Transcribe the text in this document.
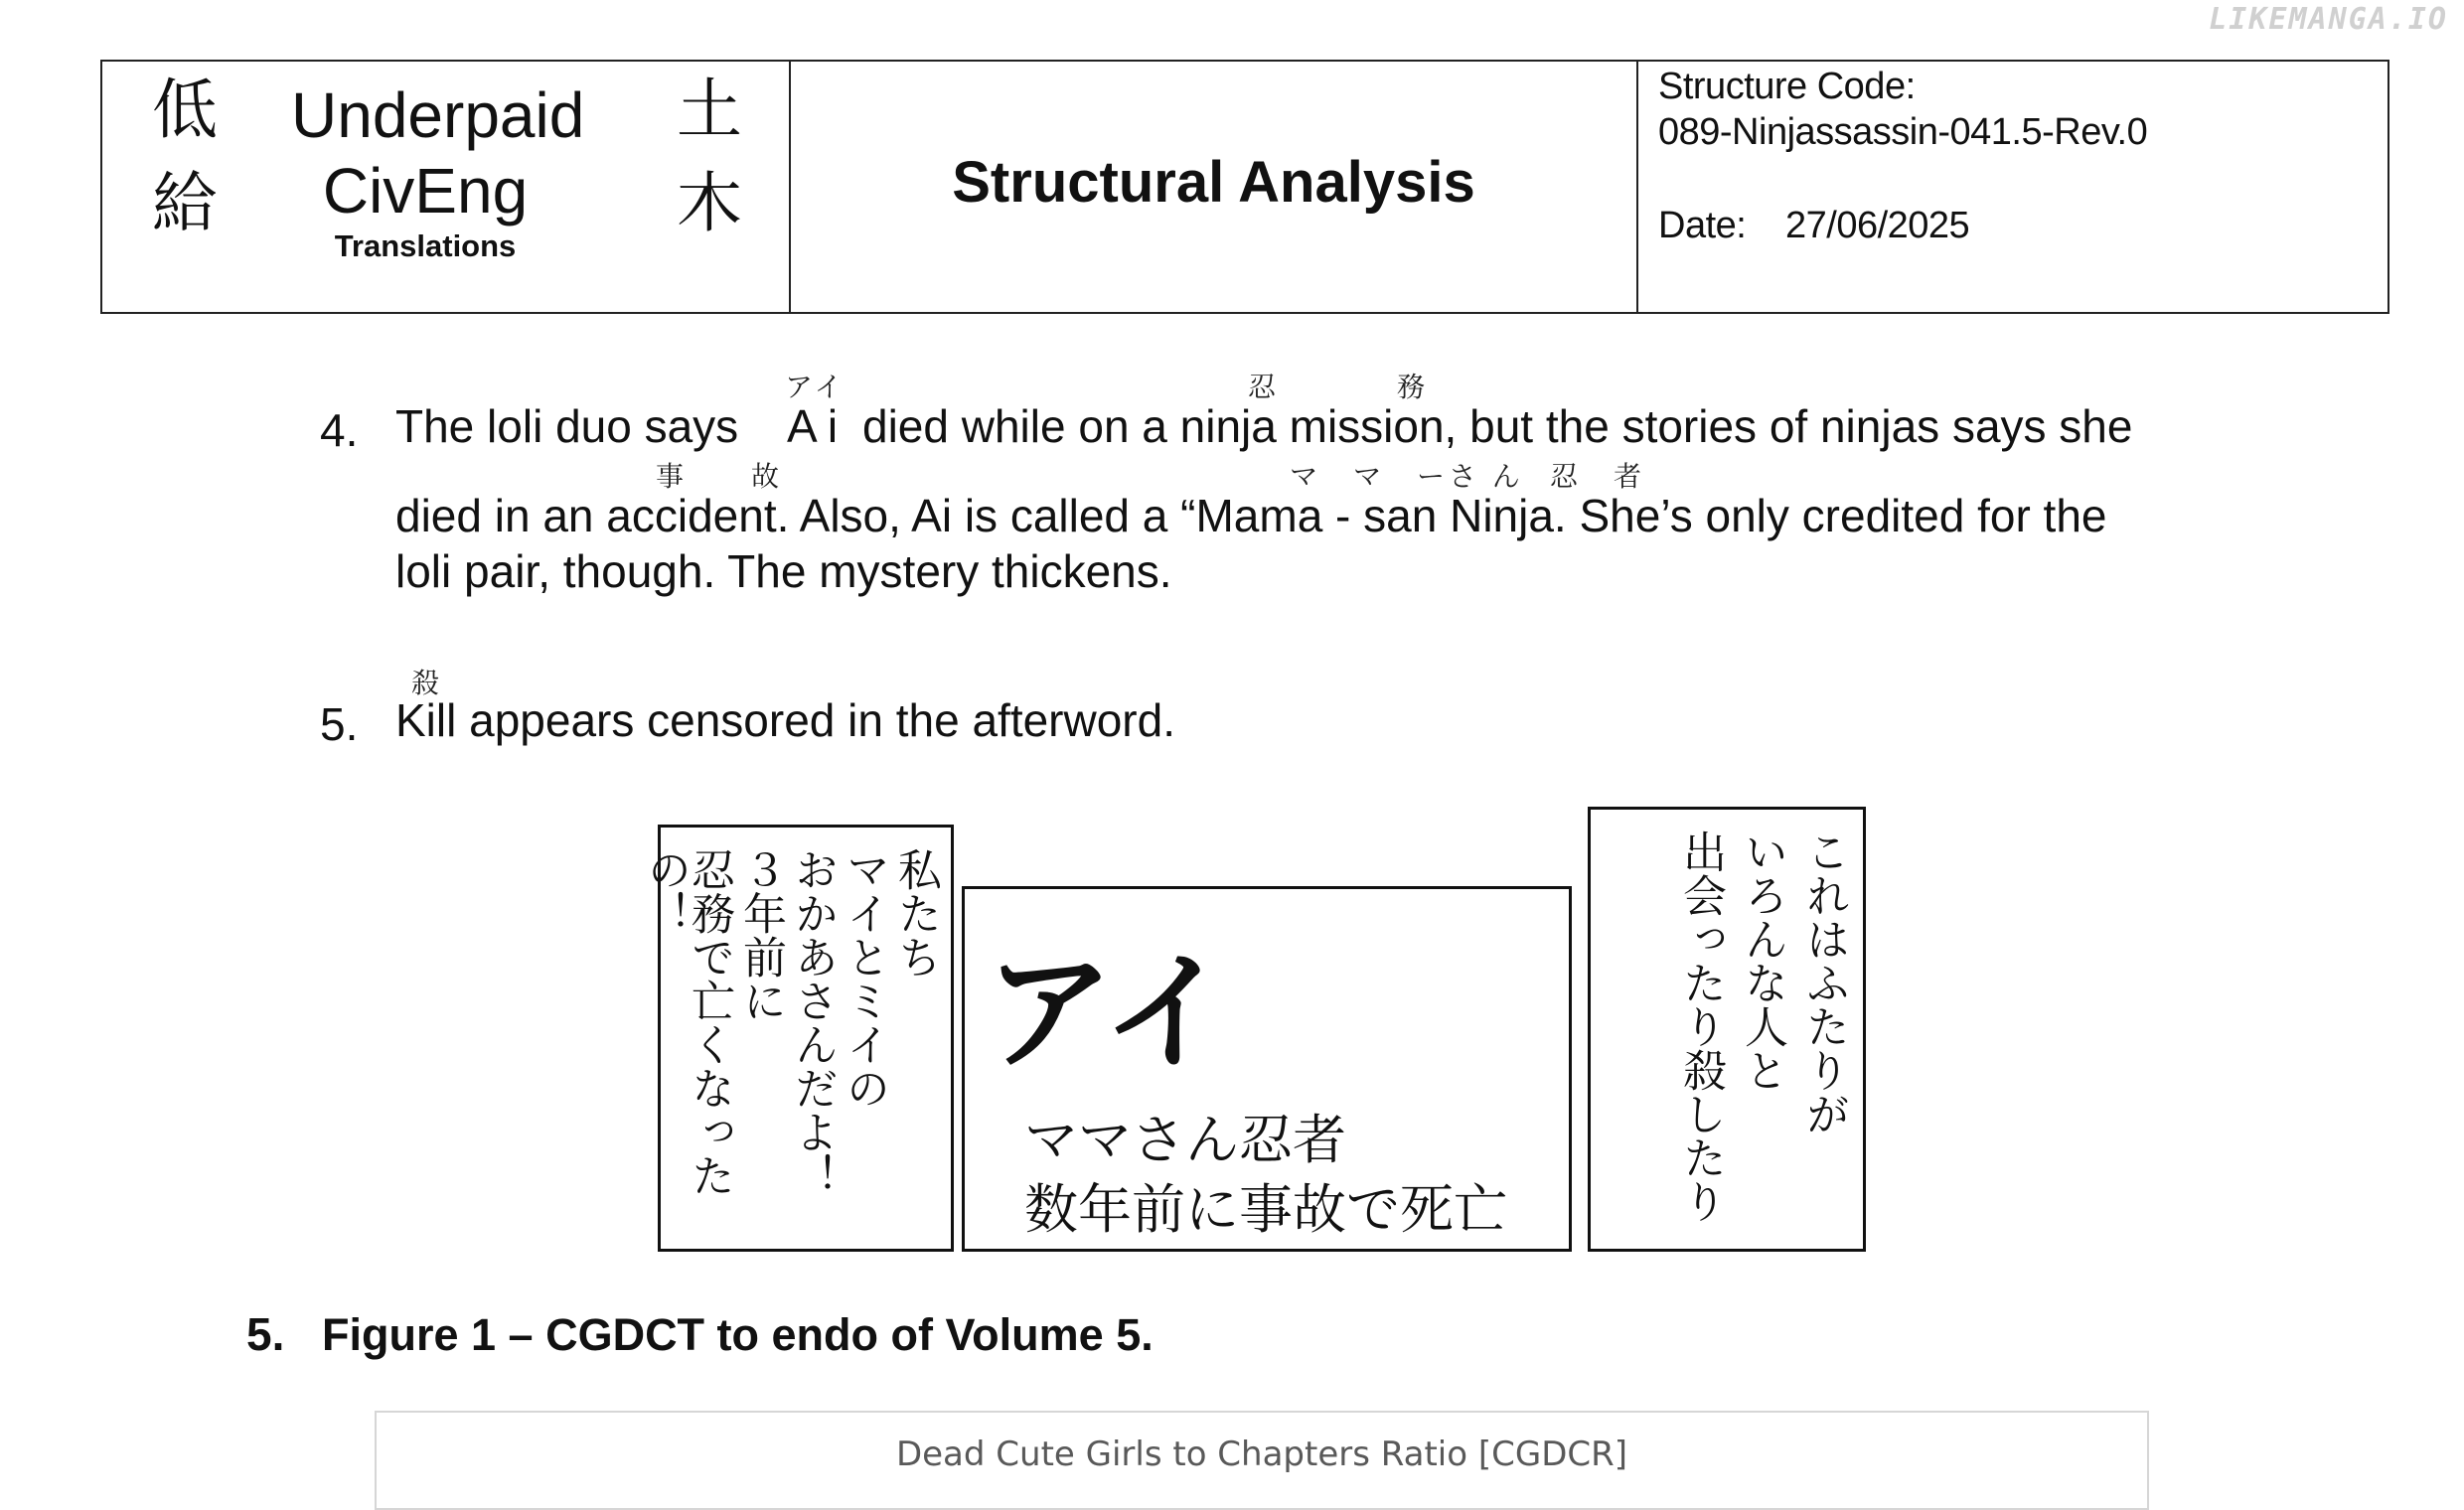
LIKEMANGA.IO
低
給
Underpaid
CivEng
Translations
土
木	Structural Analysis
Structure Code:
089-Ninjassassin-041.5-Rev.0
Date: 27/06/2025
アイ	忍	務
4. The loli duo says A i died while on a ninja mission, but the stories of ninjas says she
事 故	マ　マ　ーさ ん 忍　者
died in an accident. Also, Ai is called a “Mama - san Ninja. She’s only credited for the
loli pair, though. The mystery thickens.
殺
5. Kill appears censored in the afterword.
私たち
マイとミイの
おかあさんだよ！
３年前に
忍務で亡くなったの！
アイ
ママさん忍者
数年前に事故で死亡
これはふたりが
いろんな人と
出会ったり殺したり
5. Figure 1 – CGDCT to endo of Volume 5.
Dead Cute Girls to Chapters Ratio [CGDCR]
